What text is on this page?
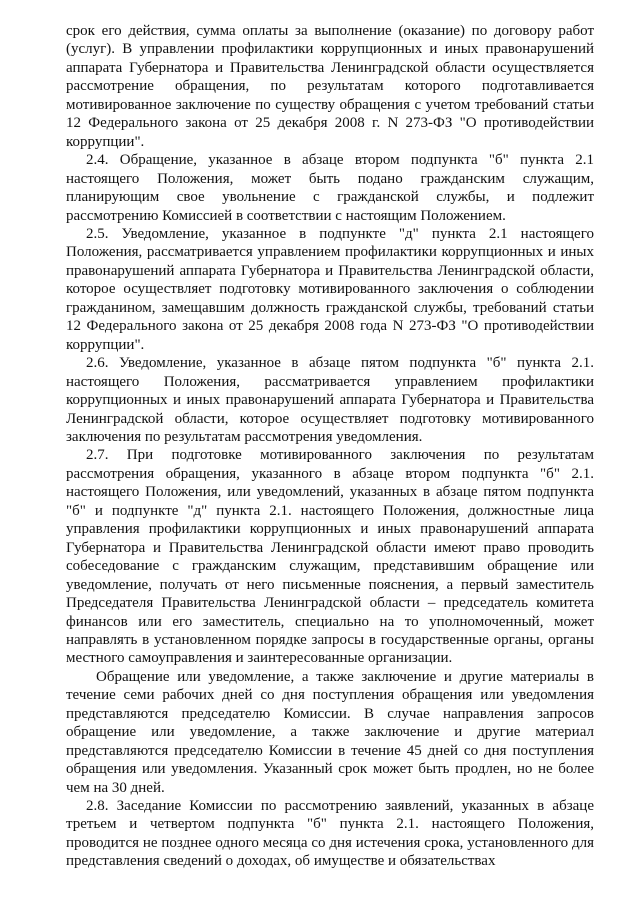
срок его действия, сумма оплаты за выполнение (оказание) по договору работ (услуг). В управлении профилактики коррупционных и иных правонарушений аппарата Губернатора и Правительства Ленинградской области осуществляется рассмотрение обращения, по результатам которого подготавливается мотивированное заключение по существу обращения с учетом требований статьи 12 Федерального закона от 25 декабря 2008 г. N 273-ФЗ "О противодействии коррупции".

2.4. Обращение, указанное в абзаце втором подпункта "б" пункта 2.1 настоящего Положения, может быть подано гражданским служащим, планирующим свое увольнение с гражданской службы, и подлежит рассмотрению Комиссией в соответствии с настоящим Положением.

2.5. Уведомление, указанное в подпункте "д" пункта 2.1 настоящего Положения, рассматривается управлением профилактики коррупционных и иных правонарушений аппарата Губернатора и Правительства Ленинградской области, которое осуществляет подготовку мотивированного заключения о соблюдении гражданином, замещавшим должность гражданской службы, требований статьи 12 Федерального закона от 25 декабря 2008 года N 273-ФЗ "О противодействии коррупции".

2.6. Уведомление, указанное в абзаце пятом подпункта "б" пункта 2.1. настоящего Положения, рассматривается управлением профилактики коррупционных и иных правонарушений аппарата Губернатора и Правительства Ленинградской области, которое осуществляет подготовку мотивированного заключения по результатам рассмотрения уведомления.

2.7. При подготовке мотивированного заключения по результатам рассмотрения обращения, указанного в абзаце втором подпункта "б" 2.1. настоящего Положения, или уведомлений, указанных в абзаце пятом подпункта "б" и подпункте "д" пункта 2.1. настоящего Положения, должностные лица управления профилактики коррупционных и иных правонарушений аппарата Губернатора и Правительства Ленинградской области имеют право проводить собеседование с гражданским служащим, представившим обращение или уведомление, получать от него письменные пояснения, а первый заместитель Председателя Правительства Ленинградской области – председатель комитета финансов или его заместитель, специально на то уполномоченный, может направлять в установленном порядке запросы в государственные органы, органы местного самоуправления и заинтересованные организации.

Обращение или уведомление, а также заключение и другие материалы в течение семи рабочих дней со дня поступления обращения или уведомления представляются председателю Комиссии. В случае направления запросов обращение или уведомление, а также заключение и другие материал представляются председателю Комиссии в течение 45 дней со дня поступления обращения или уведомления. Указанный срок может быть продлен, но не более чем на 30 дней.

2.8. Заседание Комиссии по рассмотрению заявлений, указанных в абзаце третьем и четвертом подпункта "б" пункта 2.1. настоящего Положения, проводится не позднее одного месяца со дня истечения срока, установленного для представления сведений о доходах, об имуществе и обязательствах
